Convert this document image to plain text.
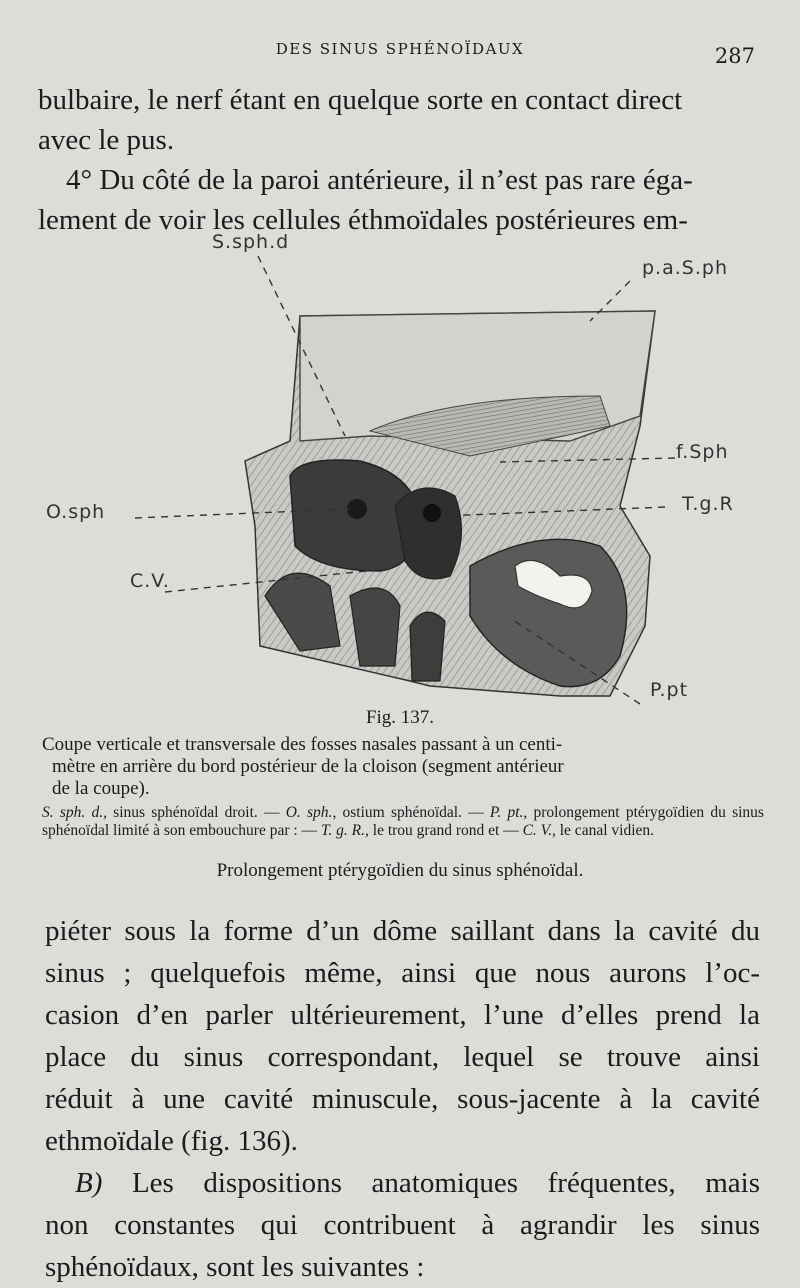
DES SINUS SPHÉNOÏDAUX	287
bulbaire, le nerf étant en quelque sorte en contact direct
avec le pus.
4° Du côté de la paroi antérieure, il n’est pas rare éga-
lement de voir les cellules éthmoïdales postérieures em-
S.sph.d
p.a.S.ph
f.Sph
T.g.R
O.sph
C.V.
P.pt
Fig. 137.
Coupe verticale et transversale des fosses nasales passant à un centi-
mètre en arrière du bord postérieur de la cloison (segment antérieur
de la coupe).
S. sph. d., sinus sphénoïdal droit. — O. sph., ostium sphénoïdal. — P. pt., prolongement ptérygoïdien du sinus sphénoïdal limité à son embouchure par : — T. g. R., le trou grand rond et — C. V., le canal vidien.
Prolongement ptérygoïdien du sinus sphénoïdal.
piéter sous la forme d’un dôme saillant dans la cavité du
sinus ; quelquefois même, ainsi que nous aurons l’oc-
casion d’en parler ultérieurement, l’une d’elles prend la
place du sinus correspondant, lequel se trouve ainsi
réduit à une cavité minuscule, sous-jacente à la cavité
ethmoïdale (fig. 136).
B) Les dispositions anatomiques fréquentes, mais
non constantes qui contribuent à agrandir les sinus
sphénoïdaux, sont les suivantes :
